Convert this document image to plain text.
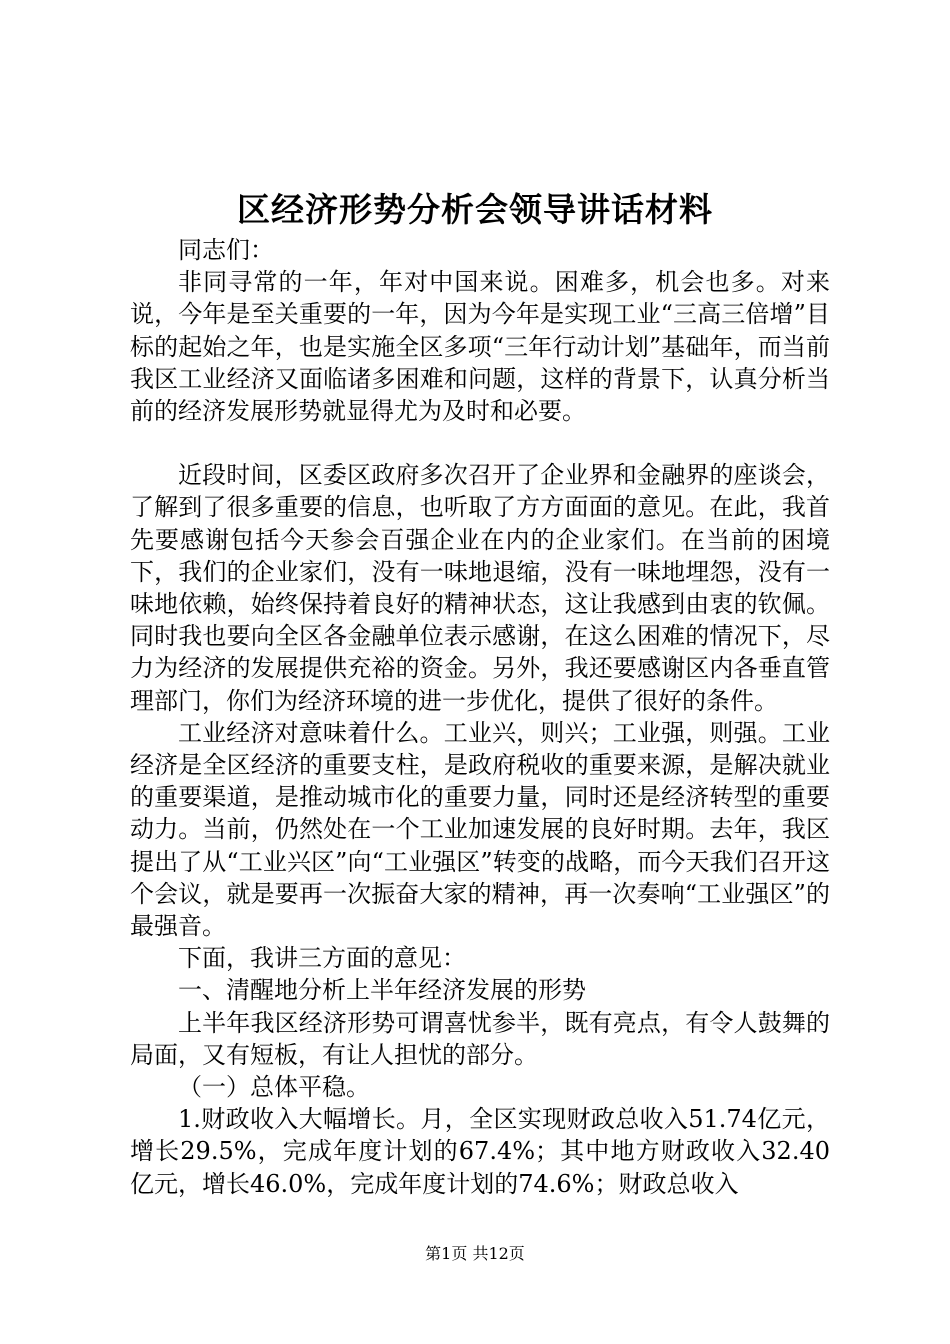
区经济形势分析会领导讲话材料

同志们：

非同寻常的一年，年对中国来说。困难多，机会也多。对来说，今年是至关重要的一年，因为今年是实现工业“三高三倍增”目标的起始之年，也是实施全区多项“三年行动计划”基础年，而当前我区工业经济又面临诸多困难和问题，这样的背景下，认真分析当前的经济发展形势就显得尤为及时和必要。

近段时间，区委区政府多次召开了企业界和金融界的座谈会，了解到了很多重要的信息，也听取了方方面面的意见。在此，我首先要感谢包括今天参会百强企业在内的企业家们。在当前的困境下，我们的企业家们，没有一味地退缩，没有一味地埋怨，没有一味地依赖，始终保持着良好的精神状态，这让我感到由衷的钦佩。同时我也要向全区各金融单位表示感谢，在这么困难的情况下，尽力为经济的发展提供充裕的资金。另外，我还要感谢区内各垂直管理部门，你们为经济环境的进一步优化，提供了很好的条件。

工业经济对意味着什么。工业兴，则兴；工业强，则强。工业经济是全区经济的重要支柱，是政府税收的重要来源，是解决就业的重要渠道，是推动城市化的重要力量，同时还是经济转型的重要动力。当前，仍然处在一个工业加速发展的良好时期。去年，我区提出了从“工业兴区”向“工业强区”转变的战略，而今天我们召开这个会议，就是要再一次振奋大家的精神，再一次奏响“工业强区”的最强音。

下面，我讲三方面的意见：

一、清醒地分析上半年经济发展的形势

上半年我区经济形势可谓喜忧参半，既有亮点，有令人鼓舞的局面，又有短板，有让人担忧的部分。

（一）总体平稳。

1.财政收入大幅增长。月，全区实现财政总收入51.74亿元，增长29.5%，完成年度计划的67.4%；其中地方财政收入32.40亿元，增长46.0%，完成年度计划的74.6%；财政总收入

第1页 共12页
